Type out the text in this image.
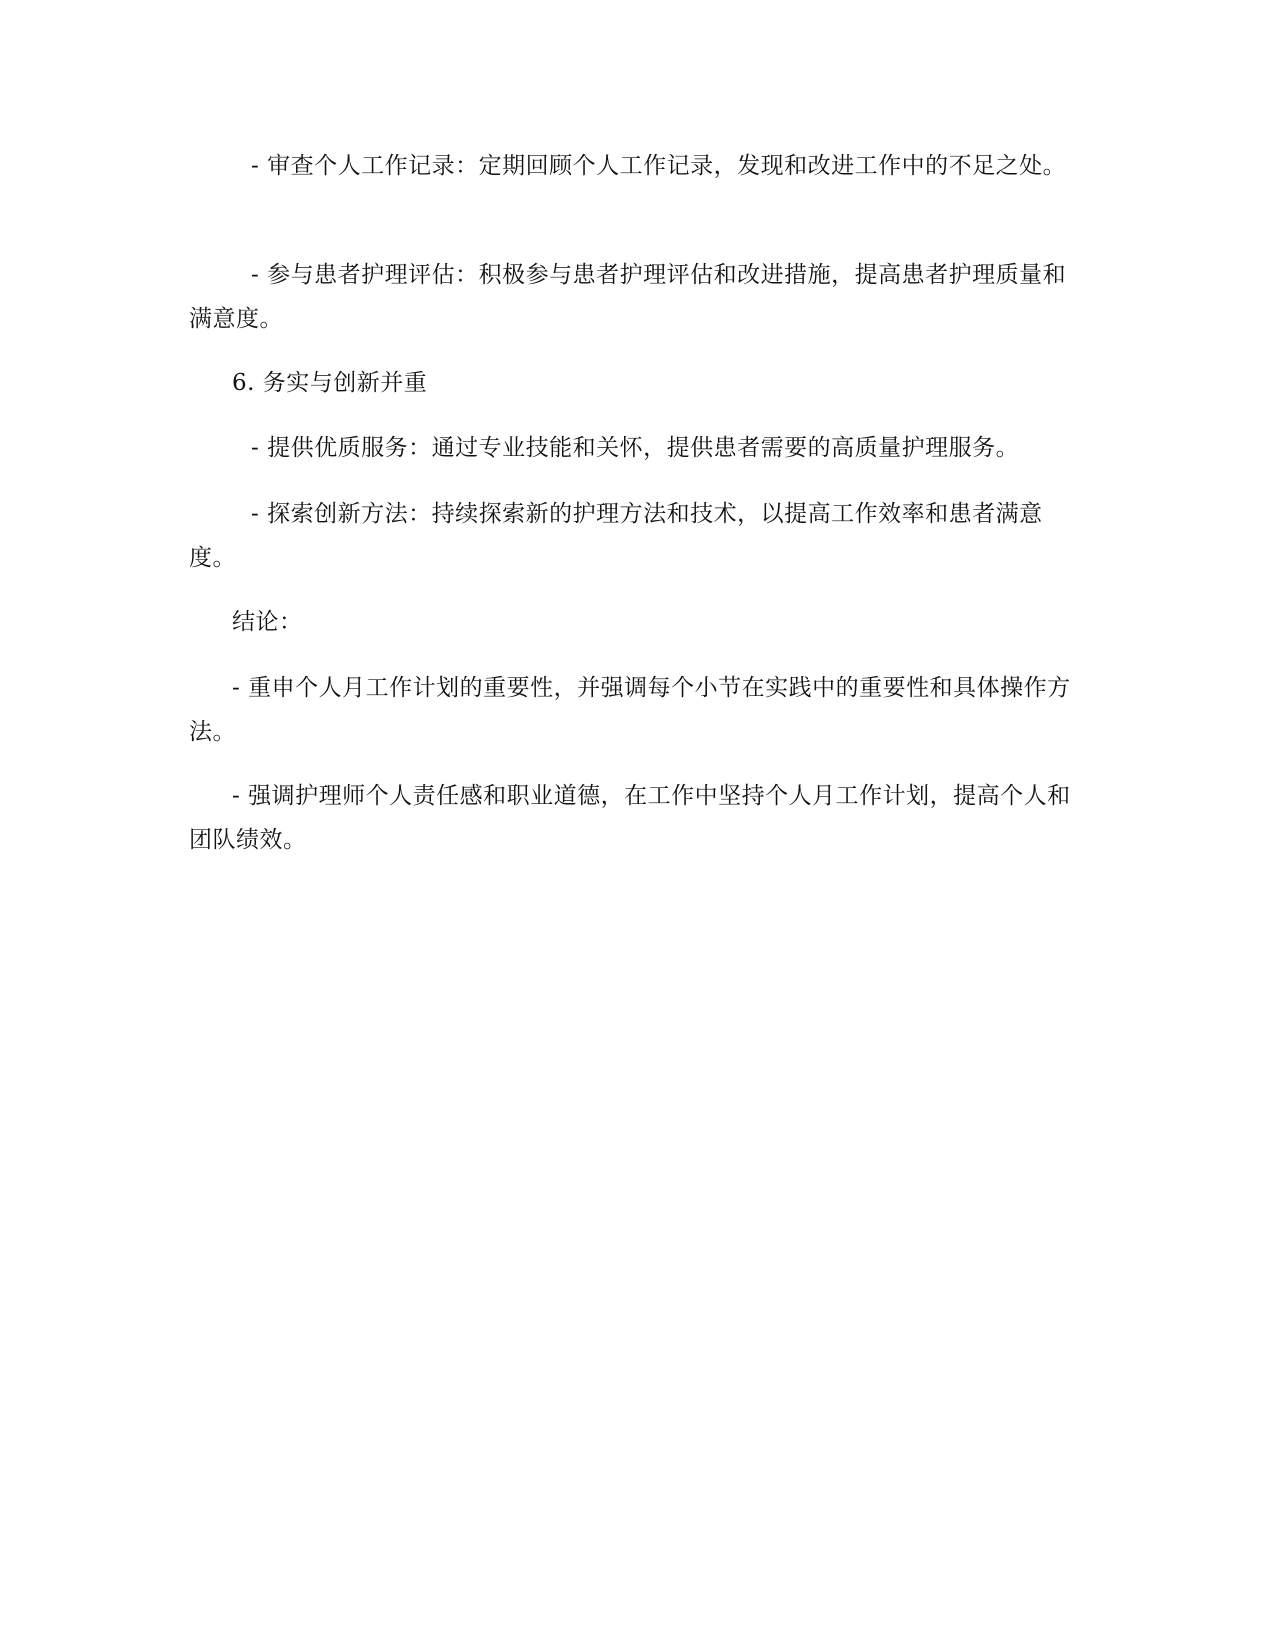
- 审查个人工作记录：定期回顾个人工作记录，发现和改进工作中的不足之处。

- 参与患者护理评估：积极参与患者护理评估和改进措施，提高患者护理质量和满意度。

6. 务实与创新并重

- 提供优质服务：通过专业技能和关怀，提供患者需要的高质量护理服务。

- 探索创新方法：持续探索新的护理方法和技术，以提高工作效率和患者满意度。

结论：

- 重申个人月工作计划的重要性，并强调每个小节在实践中的重要性和具体操作方法。

- 强调护理师个人责任感和职业道德，在工作中坚持个人月工作计划，提高个人和团队绩效。
